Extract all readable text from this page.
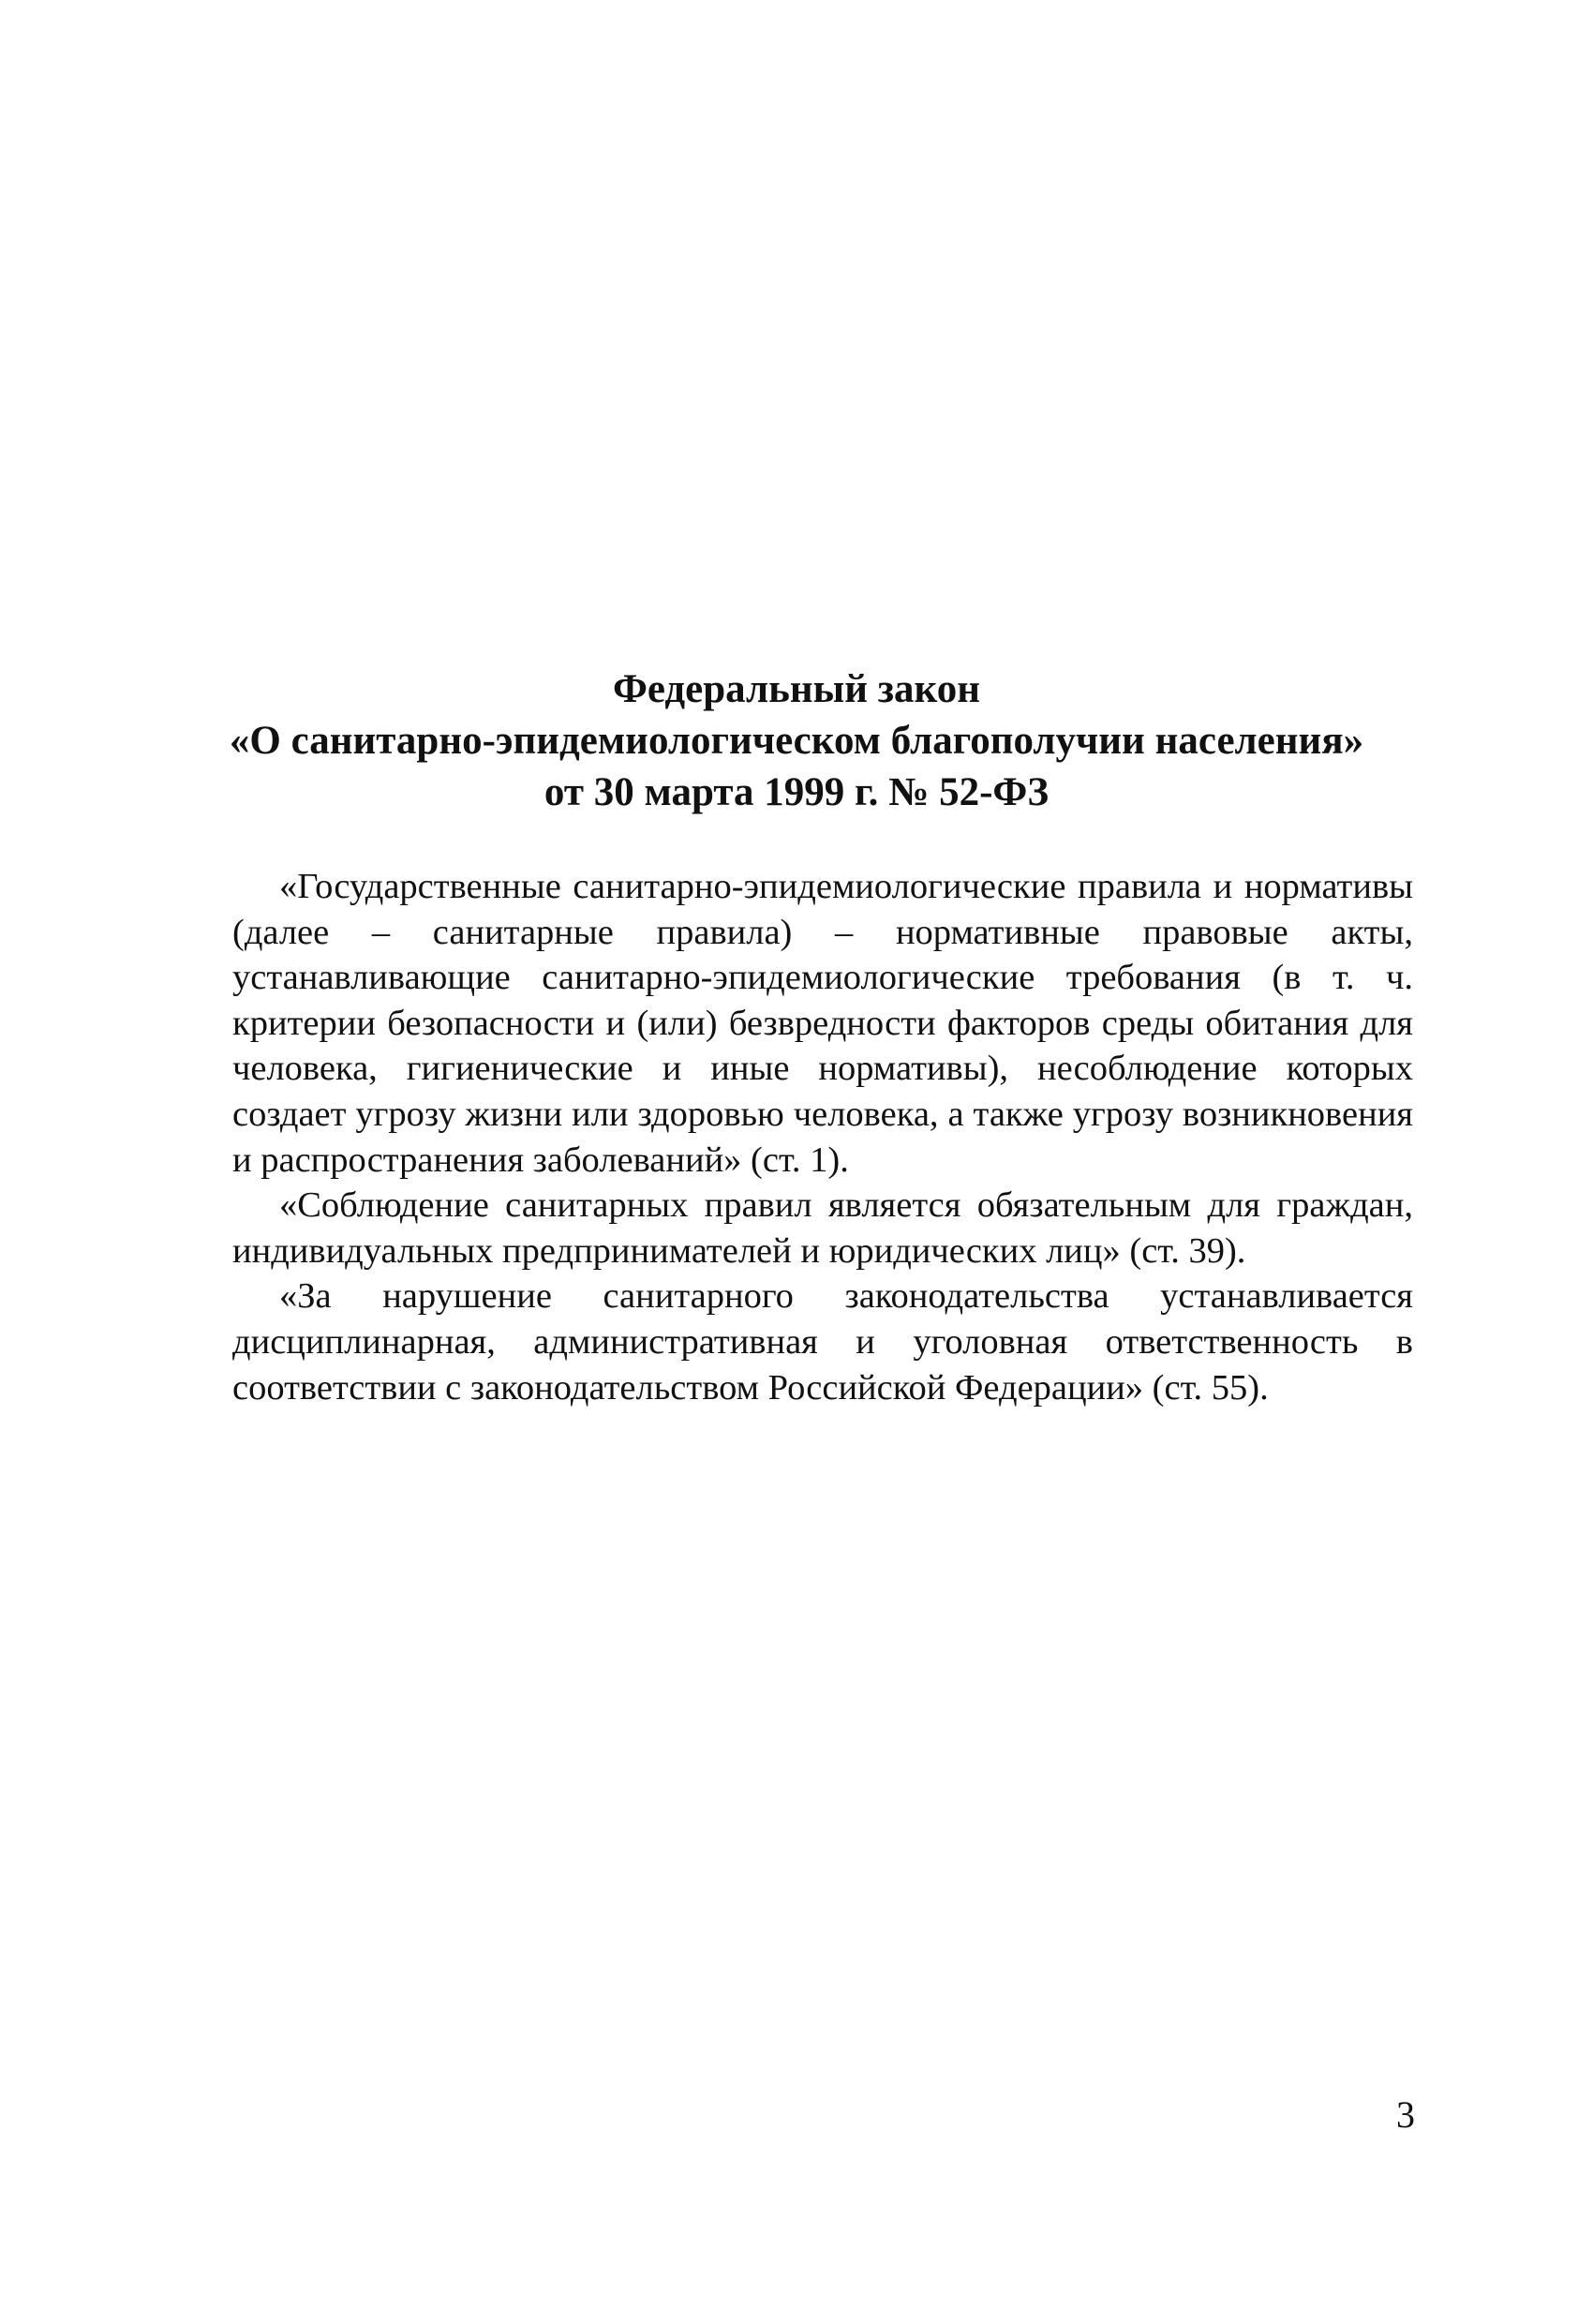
Федеральный закон
«О санитарно-эпидемиологическом благополучии населения»
от 30 марта 1999 г. № 52-ФЗ

«Государственные санитарно-эпидемиологические правила и нормативы (далее – санитарные правила) – нормативные правовые акты, устанавливающие санитарно-эпидемиологические требования (в т. ч. критерии безопасности и (или) безвредности факторов среды обитания для человека, гигиенические и иные нормативы), несоблюдение которых создает угрозу жизни или здоровью человека, а также угрозу возникновения и распространения заболеваний» (ст. 1).

«Соблюдение санитарных правил является обязательным для граждан, индивидуальных предпринимателей и юридических лиц» (ст. 39).

«За нарушение санитарного законодательства устанавливается дисциплинарная, административная и уголовная ответственность в соответствии с законодательством Российской Федерации» (ст. 55).

3
